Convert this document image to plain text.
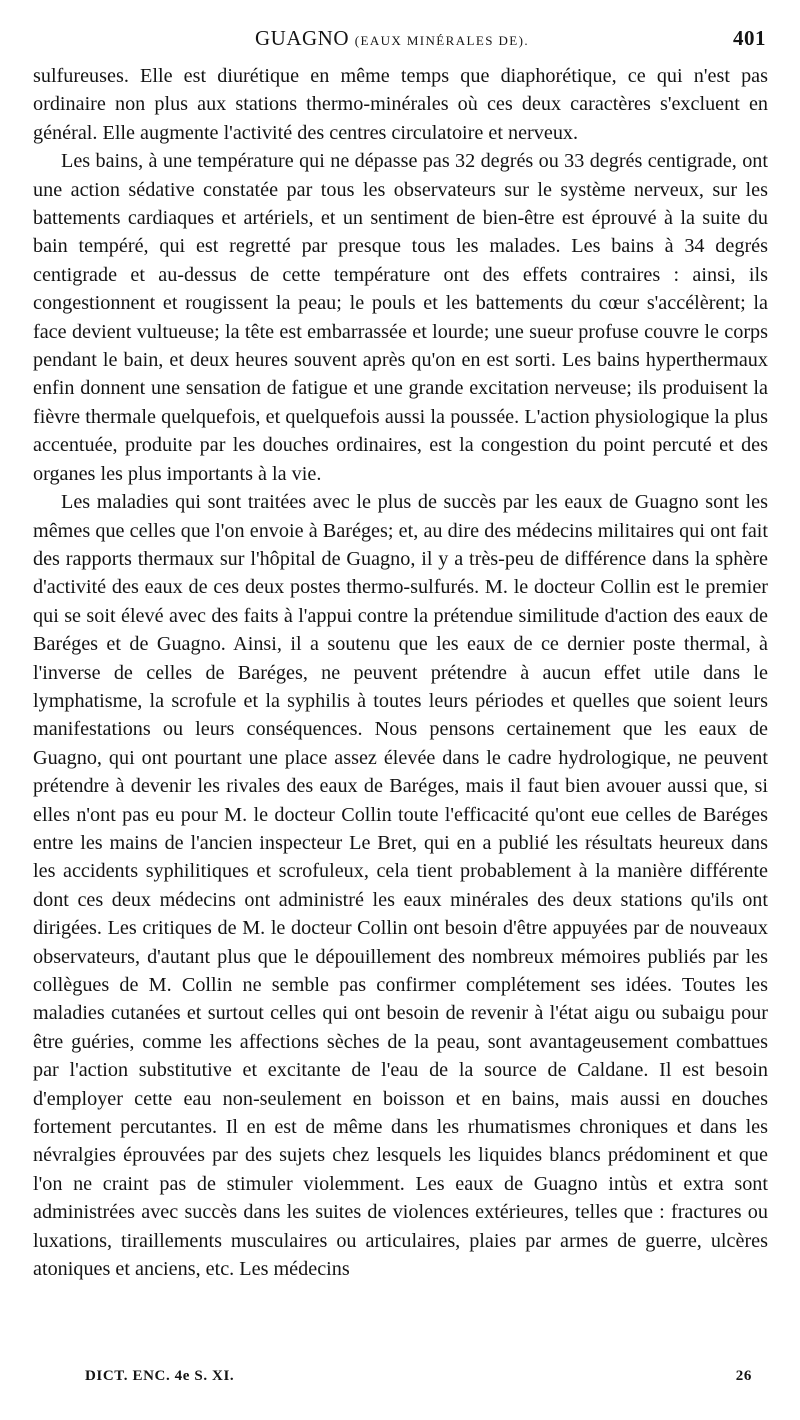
GUAGNO (EAUX MINÉRALES DE).	401

sulfureuses. Elle est diurétique en même temps que diaphorétique, ce qui n'est pas ordinaire non plus aux stations thermo-minérales où ces deux caractères s'excluent en général. Elle augmente l'activité des centres circulatoire et nerveux.

Les bains, à une température qui ne dépasse pas 32 degrés ou 33 degrés centigrade, ont une action sédative constatée par tous les observateurs sur le système nerveux, sur les battements cardiaques et artériels, et un sentiment de bien-être est éprouvé à la suite du bain tempéré, qui est regretté par presque tous les malades. Les bains à 34 degrés centigrade et au-dessus de cette température ont des effets contraires : ainsi, ils congestionnent et rougissent la peau; le pouls et les battements du cœur s'accélèrent; la face devient vultueuse; la tête est embarrassée et lourde; une sueur profuse couvre le corps pendant le bain, et deux heures souvent après qu'on en est sorti. Les bains hyperthermaux enfin donnent une sensation de fatigue et une grande excitation nerveuse; ils produisent la fièvre thermale quelquefois, et quelquefois aussi la poussée. L'action physiologique la plus accentuée, produite par les douches ordinaires, est la congestion du point percuté et des organes les plus importants à la vie.

Les maladies qui sont traitées avec le plus de succès par les eaux de Guagno sont les mêmes que celles que l'on envoie à Baréges; et, au dire des médecins militaires qui ont fait des rapports thermaux sur l'hôpital de Guagno, il y a très-peu de différence dans la sphère d'activité des eaux de ces deux postes thermo-sulfurés. M. le docteur Collin est le premier qui se soit élevé avec des faits à l'appui contre la prétendue similitude d'action des eaux de Baréges et de Guagno. Ainsi, il a soutenu que les eaux de ce dernier poste thermal, à l'inverse de celles de Baréges, ne peuvent prétendre à aucun effet utile dans le lymphatisme, la scrofule et la syphilis à toutes leurs périodes et quelles que soient leurs manifestations ou leurs conséquences. Nous pensons certainement que les eaux de Guagno, qui ont pourtant une place assez élevée dans le cadre hydrologique, ne peuvent prétendre à devenir les rivales des eaux de Baréges, mais il faut bien avouer aussi que, si elles n'ont pas eu pour M. le docteur Collin toute l'efficacité qu'ont eue celles de Baréges entre les mains de l'ancien inspecteur Le Bret, qui en a publié les résultats heureux dans les accidents syphilitiques et scrofuleux, cela tient probablement à la manière différente dont ces deux médecins ont administré les eaux minérales des deux stations qu'ils ont dirigées. Les critiques de M. le docteur Collin ont besoin d'être appuyées par de nouveaux observateurs, d'autant plus que le dépouillement des nombreux mémoires publiés par les collègues de M. Collin ne semble pas confirmer complétement ses idées. Toutes les maladies cutanées et surtout celles qui ont besoin de revenir à l'état aigu ou subaigu pour être guéries, comme les affections sèches de la peau, sont avantageusement combattues par l'action substitutive et excitante de l'eau de la source de Caldane. Il est besoin d'employer cette eau non-seulement en boisson et en bains, mais aussi en douches fortement percutantes. Il en est de même dans les rhumatismes chroniques et dans les névralgies éprouvées par des sujets chez lesquels les liquides blancs prédominent et que l'on ne craint pas de stimuler violemment. Les eaux de Guagno intùs et extra sont administrées avec succès dans les suites de violences extérieures, telles que : fractures ou luxations, tiraillements musculaires ou articulaires, plaies par armes de guerre, ulcères atoniques et anciens, etc. Les médecins

DICT. ENC. 4e S. XI.	26
